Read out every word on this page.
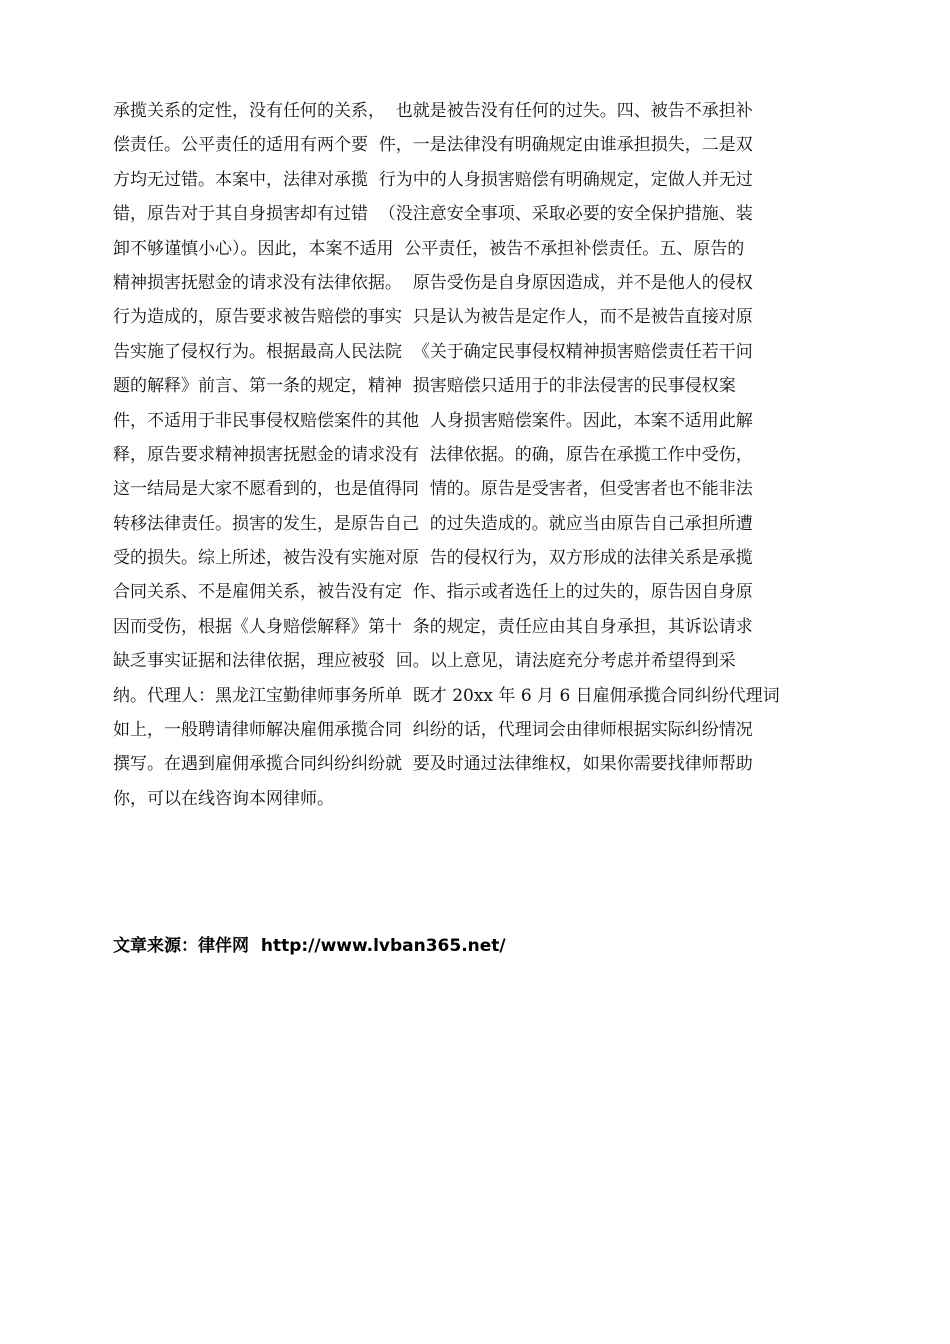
承揽关系的定性，没有任何的关系，  也就是被告没有任何的过失。四、被告不承担补
偿责任。公平责任的适用有两个要  件，一是法律没有明确规定由谁承担损失，二是双
方均无过错。本案中，法律对承揽  行为中的人身损害赔偿有明确规定，定做人并无过
错，原告对于其自身损害却有过错  （没注意安全事项、采取必要的安全保护措施、装
卸不够谨慎小心）。因此，本案不适用  公平责任，被告不承担补偿责任。五、原告的
精神损害抚慰金的请求没有法律依据。  原告受伤是自身原因造成，并不是他人的侵权
行为造成的，原告要求被告赔偿的事实  只是认为被告是定作人，而不是被告直接对原
告实施了侵权行为。根据最高人民法院  《关于确定民事侵权精神损害赔偿责任若干问
题的解释》前言、第一条的规定，精神  损害赔偿只适用于的非法侵害的民事侵权案
件，不适用于非民事侵权赔偿案件的其他  人身损害赔偿案件。因此，本案不适用此解
释，原告要求精神损害抚慰金的请求没有  法律依据。的确，原告在承揽工作中受伤，
这一结局是大家不愿看到的，也是值得同  情的。原告是受害者，但受害者也不能非法
转移法律责任。损害的发生，是原告自己  的过失造成的。就应当由原告自己承担所遭
受的损失。综上所述，被告没有实施对原  告的侵权行为，双方形成的法律关系是承揽
合同关系、不是雇佣关系，被告没有定  作、指示或者选任上的过失的，原告因自身原
因而受伤，根据《人身赔偿解释》第十  条的规定，责任应由其自身承担，其诉讼请求
缺乏事实证据和法律依据，理应被驳  回。以上意见，请法庭充分考虑并希望得到采
纳。代理人：黑龙江宝勤律师事务所单  既才 20xx 年 6 月 6 日雇佣承揽合同纠纷代理词
如上，一般聘请律师解决雇佣承揽合同  纠纷的话，代理词会由律师根据实际纠纷情况
撰写。在遇到雇佣承揽合同纠纷纠纷就  要及时通过法律维权，如果你需要找律师帮助
你，可以在线咨询本网律师。
文章来源：律伴网  http://www.lvban365.net/
